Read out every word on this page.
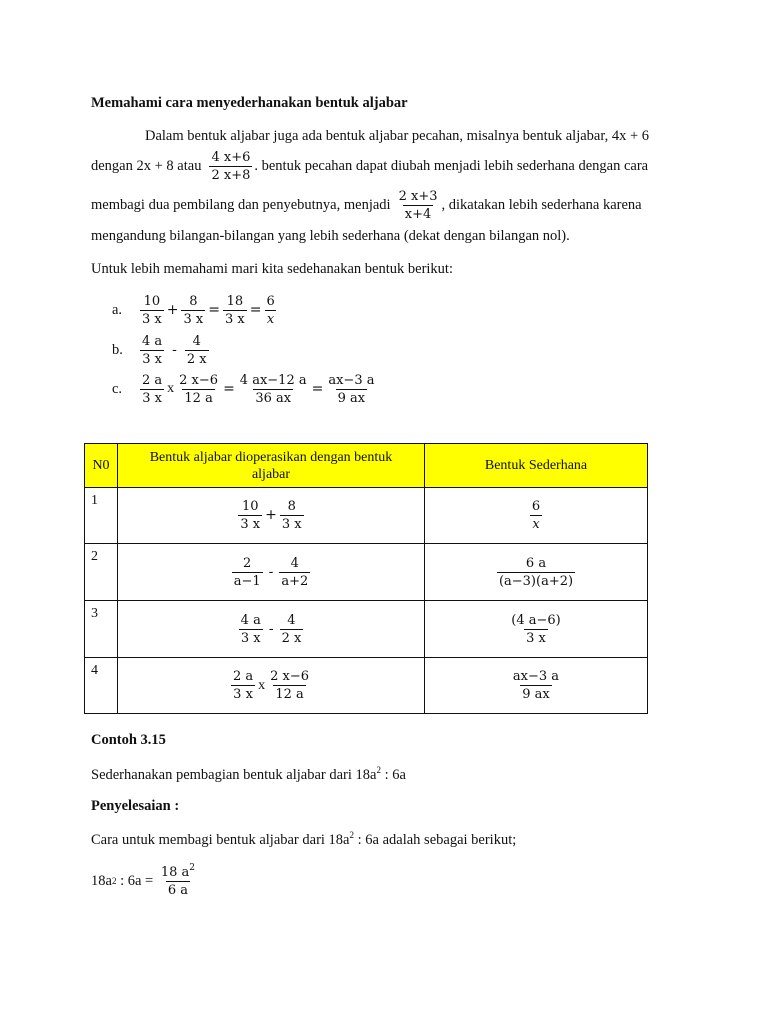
Memahami cara menyederhanakan bentuk aljabar
Dalam bentuk aljabar juga ada bentuk aljabar pecahan, misalnya bentuk aljabar, 4x + 6
dengan 2x + 8 atau $\frac{4 x+6}{2 x+8}$ . bentuk pecahan dapat diubah menjadi lebih sederhana dengan cara
membagi dua pembilang dan penyebutnya, menjadi $\frac{2 x+3}{x+4}$ , dikatakan lebih sederhana karena
mengandung bilangan-bilangan yang lebih sederhana (dekat dengan bilangan nol).
Untuk lebih memahami mari kita sedehanakan bentuk berikut:
a.	$\frac{10}{3 x} + \frac{8}{3 x} = \frac{18}{3 x} = \frac{6}{x}$
b.	$\frac{4 a}{3 x} - \frac{4}{2 x}$
c.	$\frac{2 a}{3 x}$ x $\frac{2 x-6}{12 a} = \frac{4 ax-12 a}{36 ax} = \frac{ax-3 a}{9 ax}$
N0	Bentuk aljabar dioperasikan dengan bentuk aljabar	Bentuk Sederhana
1	$\frac{10}{3 x} + \frac{8}{3 x}$	$\frac{6}{x}$

2	$\frac{2}{a-1} - \frac{4}{a+2}$	$\frac{6 a}{(a-3)(a+2)}$

3	$\frac{4 a}{3 x} - \frac{4}{2 x}$	$\frac{(4 a-6)}{3 x}$

4	$\frac{2 a}{3 x}$ x $\frac{2 x-6}{12 a}$	$\frac{ax-3 a}{9 ax}$
Contoh 3.15
Sederhanakan pembagian bentuk aljabar dari $18a^2$ : 6a
Penyelesaian :
Cara untuk membagi bentuk aljabar dari $18a^2$ : 6a adalah sebagai berikut;
18a 2 : $6a = \frac{18 a^2}{6 a}$
